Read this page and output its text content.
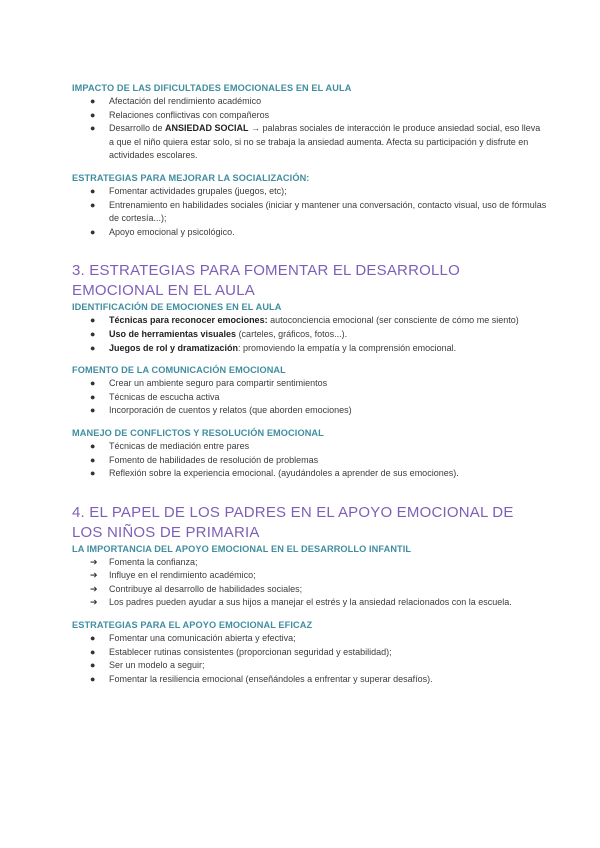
IMPACTO DE LAS DIFICULTADES EMOCIONALES EN EL AULA

● Afectación del rendimiento académico
● Relaciones conflictivas con compañeros
● Desarrollo de ANSIEDAD SOCIAL → palabras sociales de interacción le produce ansiedad social, eso lleva a que el niño quiera estar solo, si no se trabaja la ansiedad aumenta. Afecta su participación y disfrute en actividades escolares.

ESTRATEGIAS PARA MEJORAR LA SOCIALIZACIÓN:

● Fomentar actividades grupales (juegos, etc);
● Entrenamiento en habilidades sociales (iniciar y mantener una conversación, contacto visual, uso de fórmulas de cortesía...);
● Apoyo emocional y psicológico.
3. ESTRATEGIAS PARA FOMENTAR EL DESARROLLO EMOCIONAL EN EL AULA

IDENTIFICACIÓN DE EMOCIONES EN EL AULA

● Técnicas para reconocer emociones: autoconciencia emocional (ser consciente de cómo me siento)
● Uso de herramientas visuales (carteles, gráficos, fotos...).
● Juegos de rol y dramatización: promoviendo la empatía y la comprensión emocional.

FOMENTO DE LA COMUNICACIÓN EMOCIONAL

● Crear un ambiente seguro para compartir sentimientos
● Técnicas de escucha activa
● Incorporación de cuentos y relatos (que aborden emociones)

MANEJO DE CONFLICTOS Y RESOLUCIÓN EMOCIONAL

● Técnicas de mediación entre pares
● Fomento de habilidades de resolución de problemas
● Reflexión sobre la experiencia emocional. (ayudándoles a aprender de sus emociones).
4. EL PAPEL DE LOS PADRES EN EL APOYO EMOCIONAL DE LOS NIÑOS DE PRIMARIA

LA IMPORTANCIA DEL APOYO EMOCIONAL EN EL DESARROLLO INFANTIL

➔ Fomenta la confianza;
➔ Influye en el rendimiento académico;
➔ Contribuye al desarrollo de habilidades sociales;
➔ Los padres pueden ayudar a sus hijos a manejar el estrés y la ansiedad relacionados con la escuela.

ESTRATEGIAS PARA EL APOYO EMOCIONAL EFICAZ

● Fomentar una comunicación abierta y efectiva;
● Establecer rutinas consistentes (proporcionan seguridad y estabilidad);
● Ser un modelo a seguir;
● Fomentar la resiliencia emocional (enseñándoles a enfrentar y superar desafíos).
